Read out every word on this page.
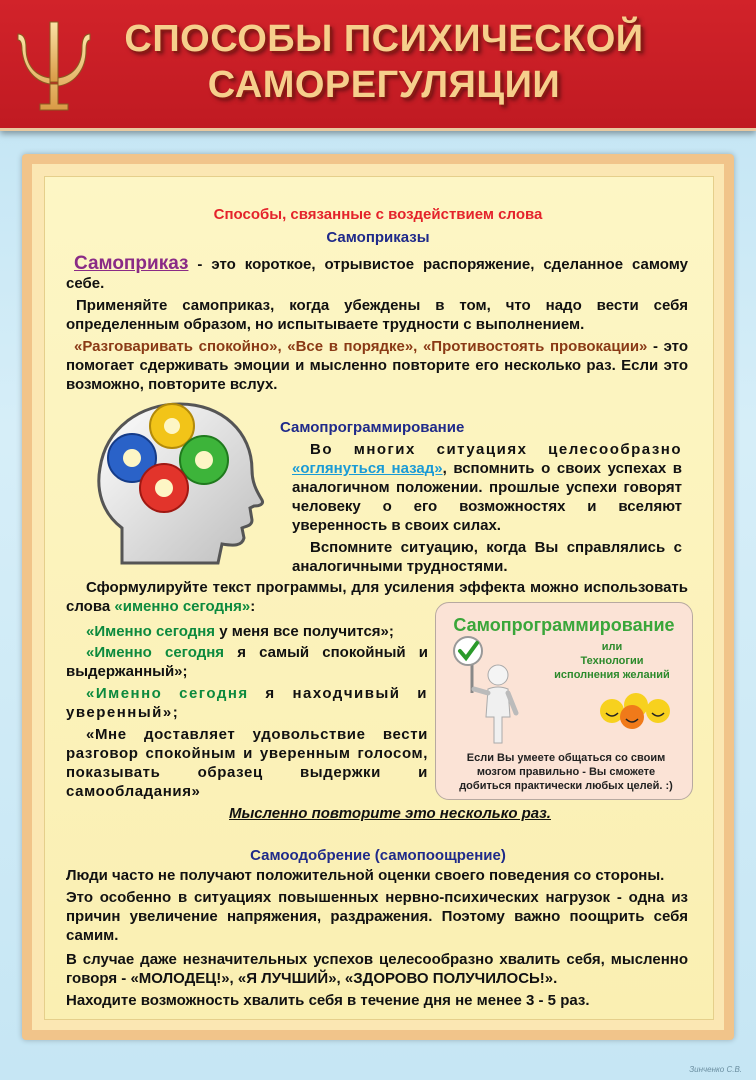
СПОСОБЫ ПСИХИЧЕСКОЙ
САМОРЕГУЛЯЦИИ
Способы, связанные с воздействием слова
Самоприказы
Самоприказ - это короткое, отрывистое распоряжение, сделанное самому себе.
Применяйте самоприказ, когда убеждены в том, что надо вести себя определенным образом, но испытываете трудности с выполнением.
«Разговаривать спокойно», «Все в порядке», «Противостоять провокации» - это помогает сдерживать эмоции и мысленно повторите его несколько раз. Если это возможно, повторите вслух.
Самопрограммирование
Во многих ситуациях целесообразно «оглянуться назад», вспомнить о своих успехах в аналогичном положении. прошлые успехи говорят человеку о его возможностях и вселяют уверенность в своих силах.
Вспомните ситуацию, когда Вы справлялись с аналогичными трудностями.
Сформулируйте текст программы, для усиления эффекта можно использовать слова «именно сегодня»:
«Именно сегодня у меня все получится»;
«Именно сегодня я самый спокойный и выдержанный»;
«Именно сегодня я находчивый и уверенный»;
«Мне доставляет удовольствие вести разговор спокойным и уверенным голосом, показывать образец выдержки и самообладания»
Мысленно повторите это несколько раз.
Самопрограммирование
или
Технологии
исполнения желаний
Если Вы умеете общаться со своим мозгом правильно - Вы сможете добиться практически любых целей. :)
Самоодобрение (самопоощрение)
Люди часто не получают положительной оценки своего поведения со стороны.
Это особенно в ситуациях повышенных нервно-психических нагрузок - одна из причин увеличение напряжения, раздражения. Поэтому важно поощрить себя самим.
В случае даже незначительных успехов целесообразно хвалить себя, мысленно говоря - «МОЛОДЕЦ!», «Я ЛУЧШИЙ», «ЗДОРОВО ПОЛУЧИЛОСЬ!».
Находите возможность хвалить себя в течение дня не менее 3 - 5 раз.
Зинченко С.В.
